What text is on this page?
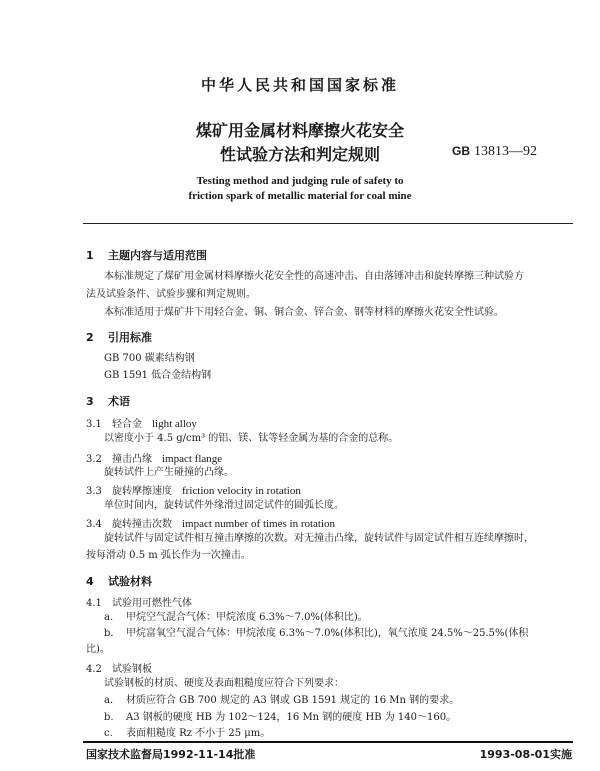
中华人民共和国国家标准
煤矿用金属材料摩擦火花安全
性试验方法和判定规则	GB 13813—92
Testing method and judging rule of safety to
friction spark of metallic material for coal mine
1 主题内容与适用范围
本标准规定了煤矿用金属材料摩擦火花安全性的高速冲击、自由落锤冲击和旋转摩擦三种试验方
法及试验条件、试验步骤和判定规则。
本标准适用于煤矿井下用轻合金、铜、铜合金、锌合金、钢等材料的摩擦火花安全性试验。
2 引用标准
GB 700 碳素结构钢
GB 1591 低合金结构钢
3 术语
3.1 轻合金 light alloy
以密度小于 4.5 g/cm³ 的铝、镁、钛等轻金属为基的合金的总称。
3.2 撞击凸缘 impact flange
旋转试件上产生碰撞的凸缘。
3.3 旋转摩擦速度 friction velocity in rotation
单位时间内，旋转试件外缘滑过固定试件的圆弧长度。
3.4 旋转撞击次数 impact number of times in rotation
旋转试件与固定试件相互撞击摩擦的次数。对无撞击凸缘，旋转试件与固定试件相互连续摩擦时，
按每滑动 0.5 m 弧长作为一次撞击。
4 试验材料
4.1 试验用可燃性气体
a. 甲烷空气混合气体：甲烷浓度 6.3%～7.0%(体积比)。
b. 甲烷富氧空气混合气体：甲烷浓度 6.3%～7.0%(体积比)，氧气浓度 24.5%～25.5%(体积
比)。
4.2 试验钢板
试验钢板的材质、硬度及表面粗糙度应符合下列要求：
a. 材质应符合 GB 700 规定的 A3 钢或 GB 1591 规定的 16 Mn 钢的要求。
b. A3 钢板的硬度 HB 为 102～124，16 Mn 钢的硬度 HB 为 140～160。
c. 表面粗糙度 Rz 不小于 25 μm。
国家技术监督局1992-11-14批准	1993-08-01实施
